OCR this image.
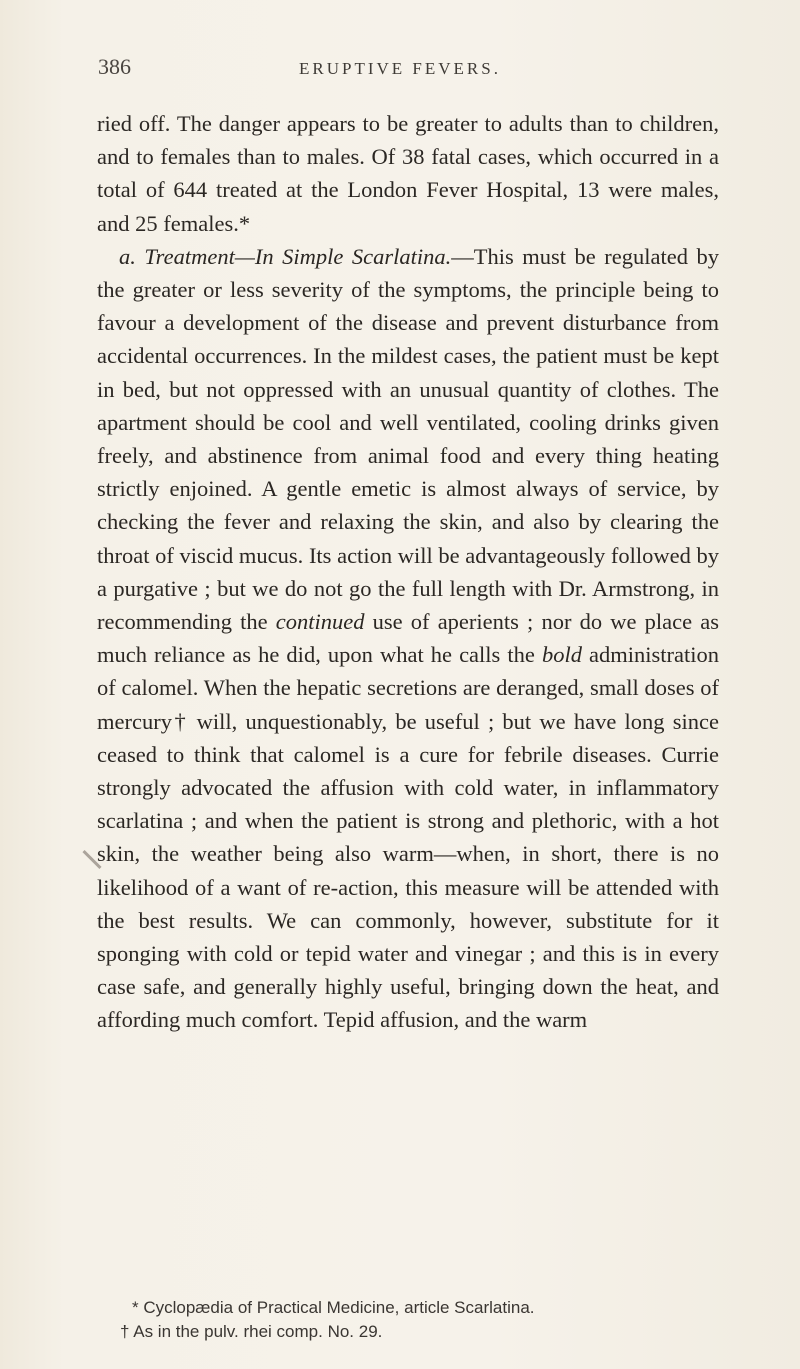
386	ERUPTIVE FEVERS.

ried off. The danger appears to be greater to adults than to children, and to females than to males. Of 38 fatal cases, which occurred in a total of 644 treated at the London Fever Hospital, 13 were males, and 25 females.*

a. Treatment—In Simple Scarlatina.—This must be regulated by the greater or less severity of the symptoms, the principle being to favour a development of the disease and prevent disturbance from accidental occurrences. In the mildest cases, the patient must be kept in bed, but not oppressed with an unusual quantity of clothes. The apartment should be cool and well ventilated, cooling drinks given freely, and abstinence from animal food and every thing heating strictly enjoined. A gentle emetic is almost always of service, by checking the fever and relaxing the skin, and also by clearing the throat of viscid mucus. Its action will be advantageously followed by a purgative ; but we do not go the full length with Dr. Armstrong, in recommending the continued use of aperients ; nor do we place as much reliance as he did, upon what he calls the bold administration of calomel. When the hepatic secretions are deranged, small doses of mercury† will, unquestionably, be useful ; but we have long since ceased to think that calomel is a cure for febrile diseases. Currie strongly advocated the affusion with cold water, in inflammatory scarlatina ; and when the patient is strong and plethoric, with a hot skin, the weather being also warm—when, in short, there is no likelihood of a want of re-action, this measure will be attended with the best results. We can commonly, however, substitute for it sponging with cold or tepid water and vinegar ; and this is in every case safe, and generally highly useful, bringing down the heat, and affording much comfort. Tepid affusion, and the warm

* Cyclopædia of Practical Medicine, article Scarlatina.

† As in the pulv. rhei comp. No. 29.
